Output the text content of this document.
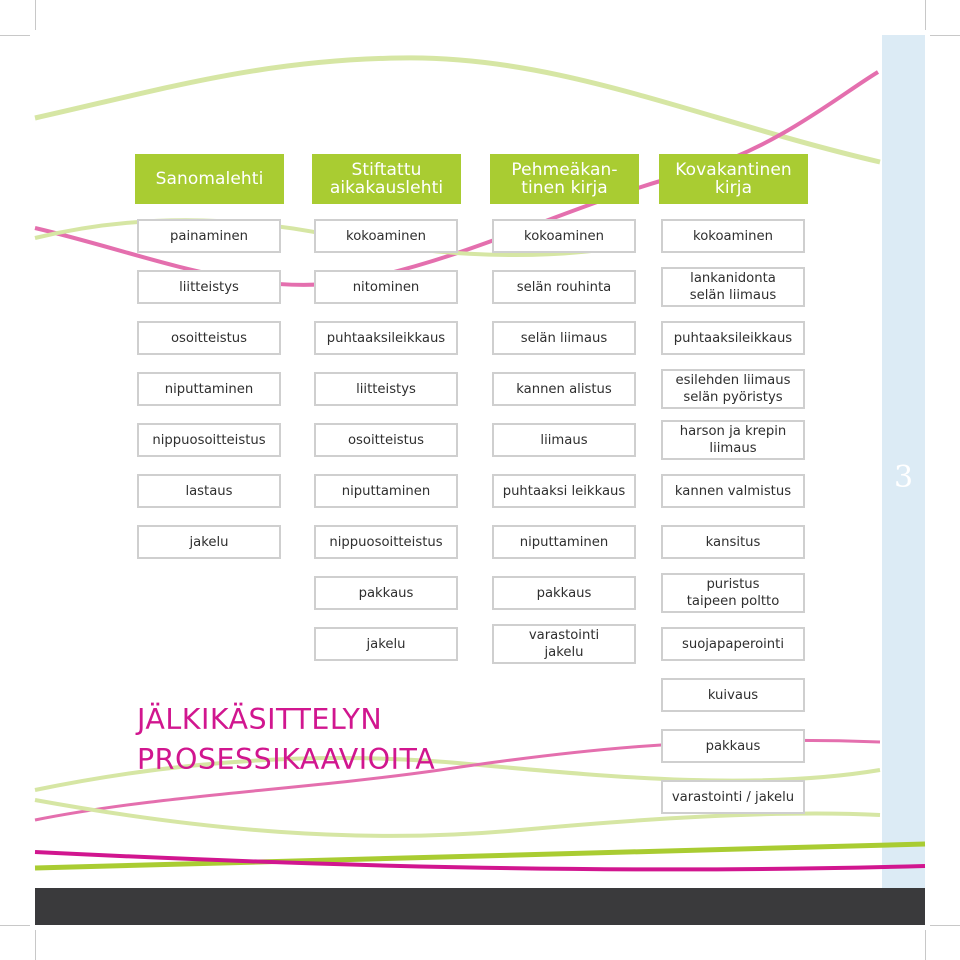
3
Sanomalehti
painaminen
liitteistys
osoitteistus
niputtaminen
nippuosoitteistus
lastaus
jakelu
Stiftattu
aikakauslehti
kokoaminen
nitominen
puhtaaksileikkaus
liitteistys
osoitteistus
niputtaminen
nippuosoitteistus
pakkaus
jakelu
Pehmeäkan-
tinen kirja
kokoaminen
selän rouhinta
selän liimaus
kannen alistus
liimaus
puhtaaksi leikkaus
niputtaminen
pakkaus
varastointi
jakelu
Kovakantinen
kirja
kokoaminen
lankanidonta
selän liimaus
puhtaaksileikkaus
esilehden liimaus
selän pyöristys
harson ja krepin
liimaus
kannen valmistus
kansitus
puristus
taipeen poltto
suojapaperointi
kuivaus
pakkaus
varastointi / jakelu
JÄLKIKÄSITTELYN
PROSESSIKAAVIOITA
